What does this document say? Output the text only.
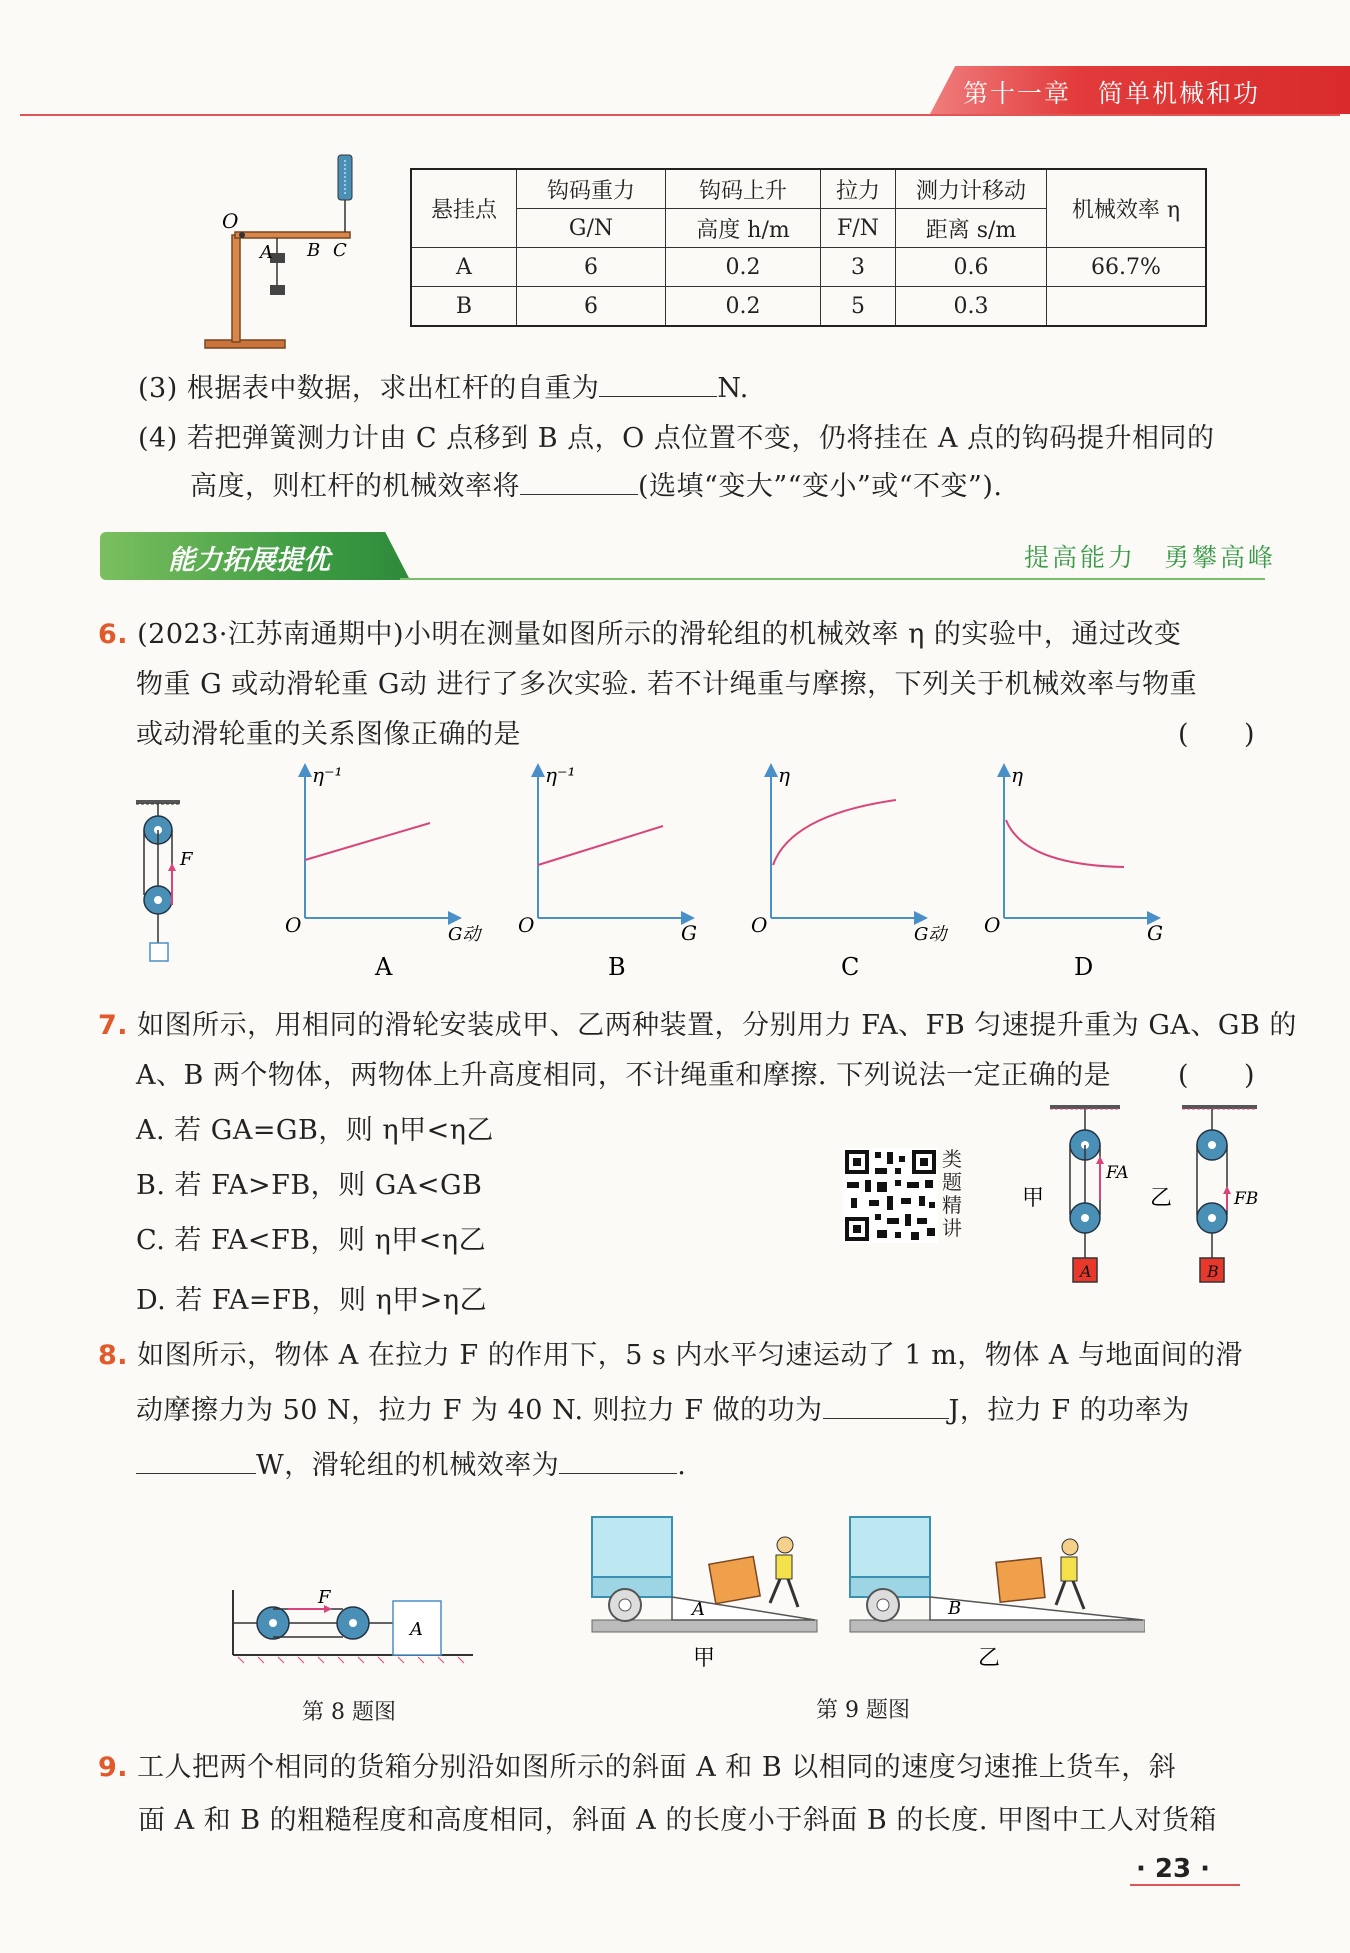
第十一章　简单机械和功
O
A B C
悬挂点	钩码重力	钩码上升	拉力	测力计移动	机械效率 η
	G/N	高度 h/m	F/N	距离 s/m	
A	6	0.2	3	0.6	66.7%
B	6	0.2	5	0.3	
(3) 根据表中数据，求出杠杆的自重为	N.
(4) 若把弹簧测力计由 C 点移到 B 点，O 点位置不变，仍将挂在 A 点的钩码提升相同的
高度，则杠杆的机械效率将	(选填“变大”“变小”或“不变”).
能力拓展提优	提高能力　勇攀高峰
6. (2023·江苏南通期中)小明在测量如图所示的滑轮组的机械效率 η 的实验中，通过改变
物重 G 或动滑轮重 G动 进行了多次实验. 若不计绳重与摩擦，下列关于机械效率与物重
或动滑轮重的关系图像正确的是	(　　)
F
η⁻¹
O	G动
A
η⁻¹
O	G
B
η
O	G动
C
η
O	G
D
7. 如图所示，用相同的滑轮安装成甲、乙两种装置，分别用力 FA、FB 匀速提升重为 GA、GB 的
A、B 两个物体，两物体上升高度相同，不计绳重和摩擦. 下列说法一定正确的是 (　　)
A. 若 GA=GB，则 η甲<η乙
B. 若 FA>FB，则 GA<GB
C. 若 FA<FB，则 η甲<η乙
D. 若 FA=FB，则 η甲>η乙
类题精讲
A
FA
甲
B
FB
乙
8. 如图所示，物体 A 在拉力 F 的作用下，5 s 内水平匀速运动了 1 m，物体 A 与地面间的滑
动摩擦力为 50 N，拉力 F 为 40 N. 则拉力 F 做的功为	J，拉力 F 的功率为
W，滑轮组的机械效率为	.
A
F
第 8 题图
A
甲
B
乙
第 9 题图
9. 工人把两个相同的货箱分别沿如图所示的斜面 A 和 B 以相同的速度匀速推上货车，斜
面 A 和 B 的粗糙程度和高度相同，斜面 A 的长度小于斜面 B 的长度. 甲图中工人对货箱
· 23 ·
